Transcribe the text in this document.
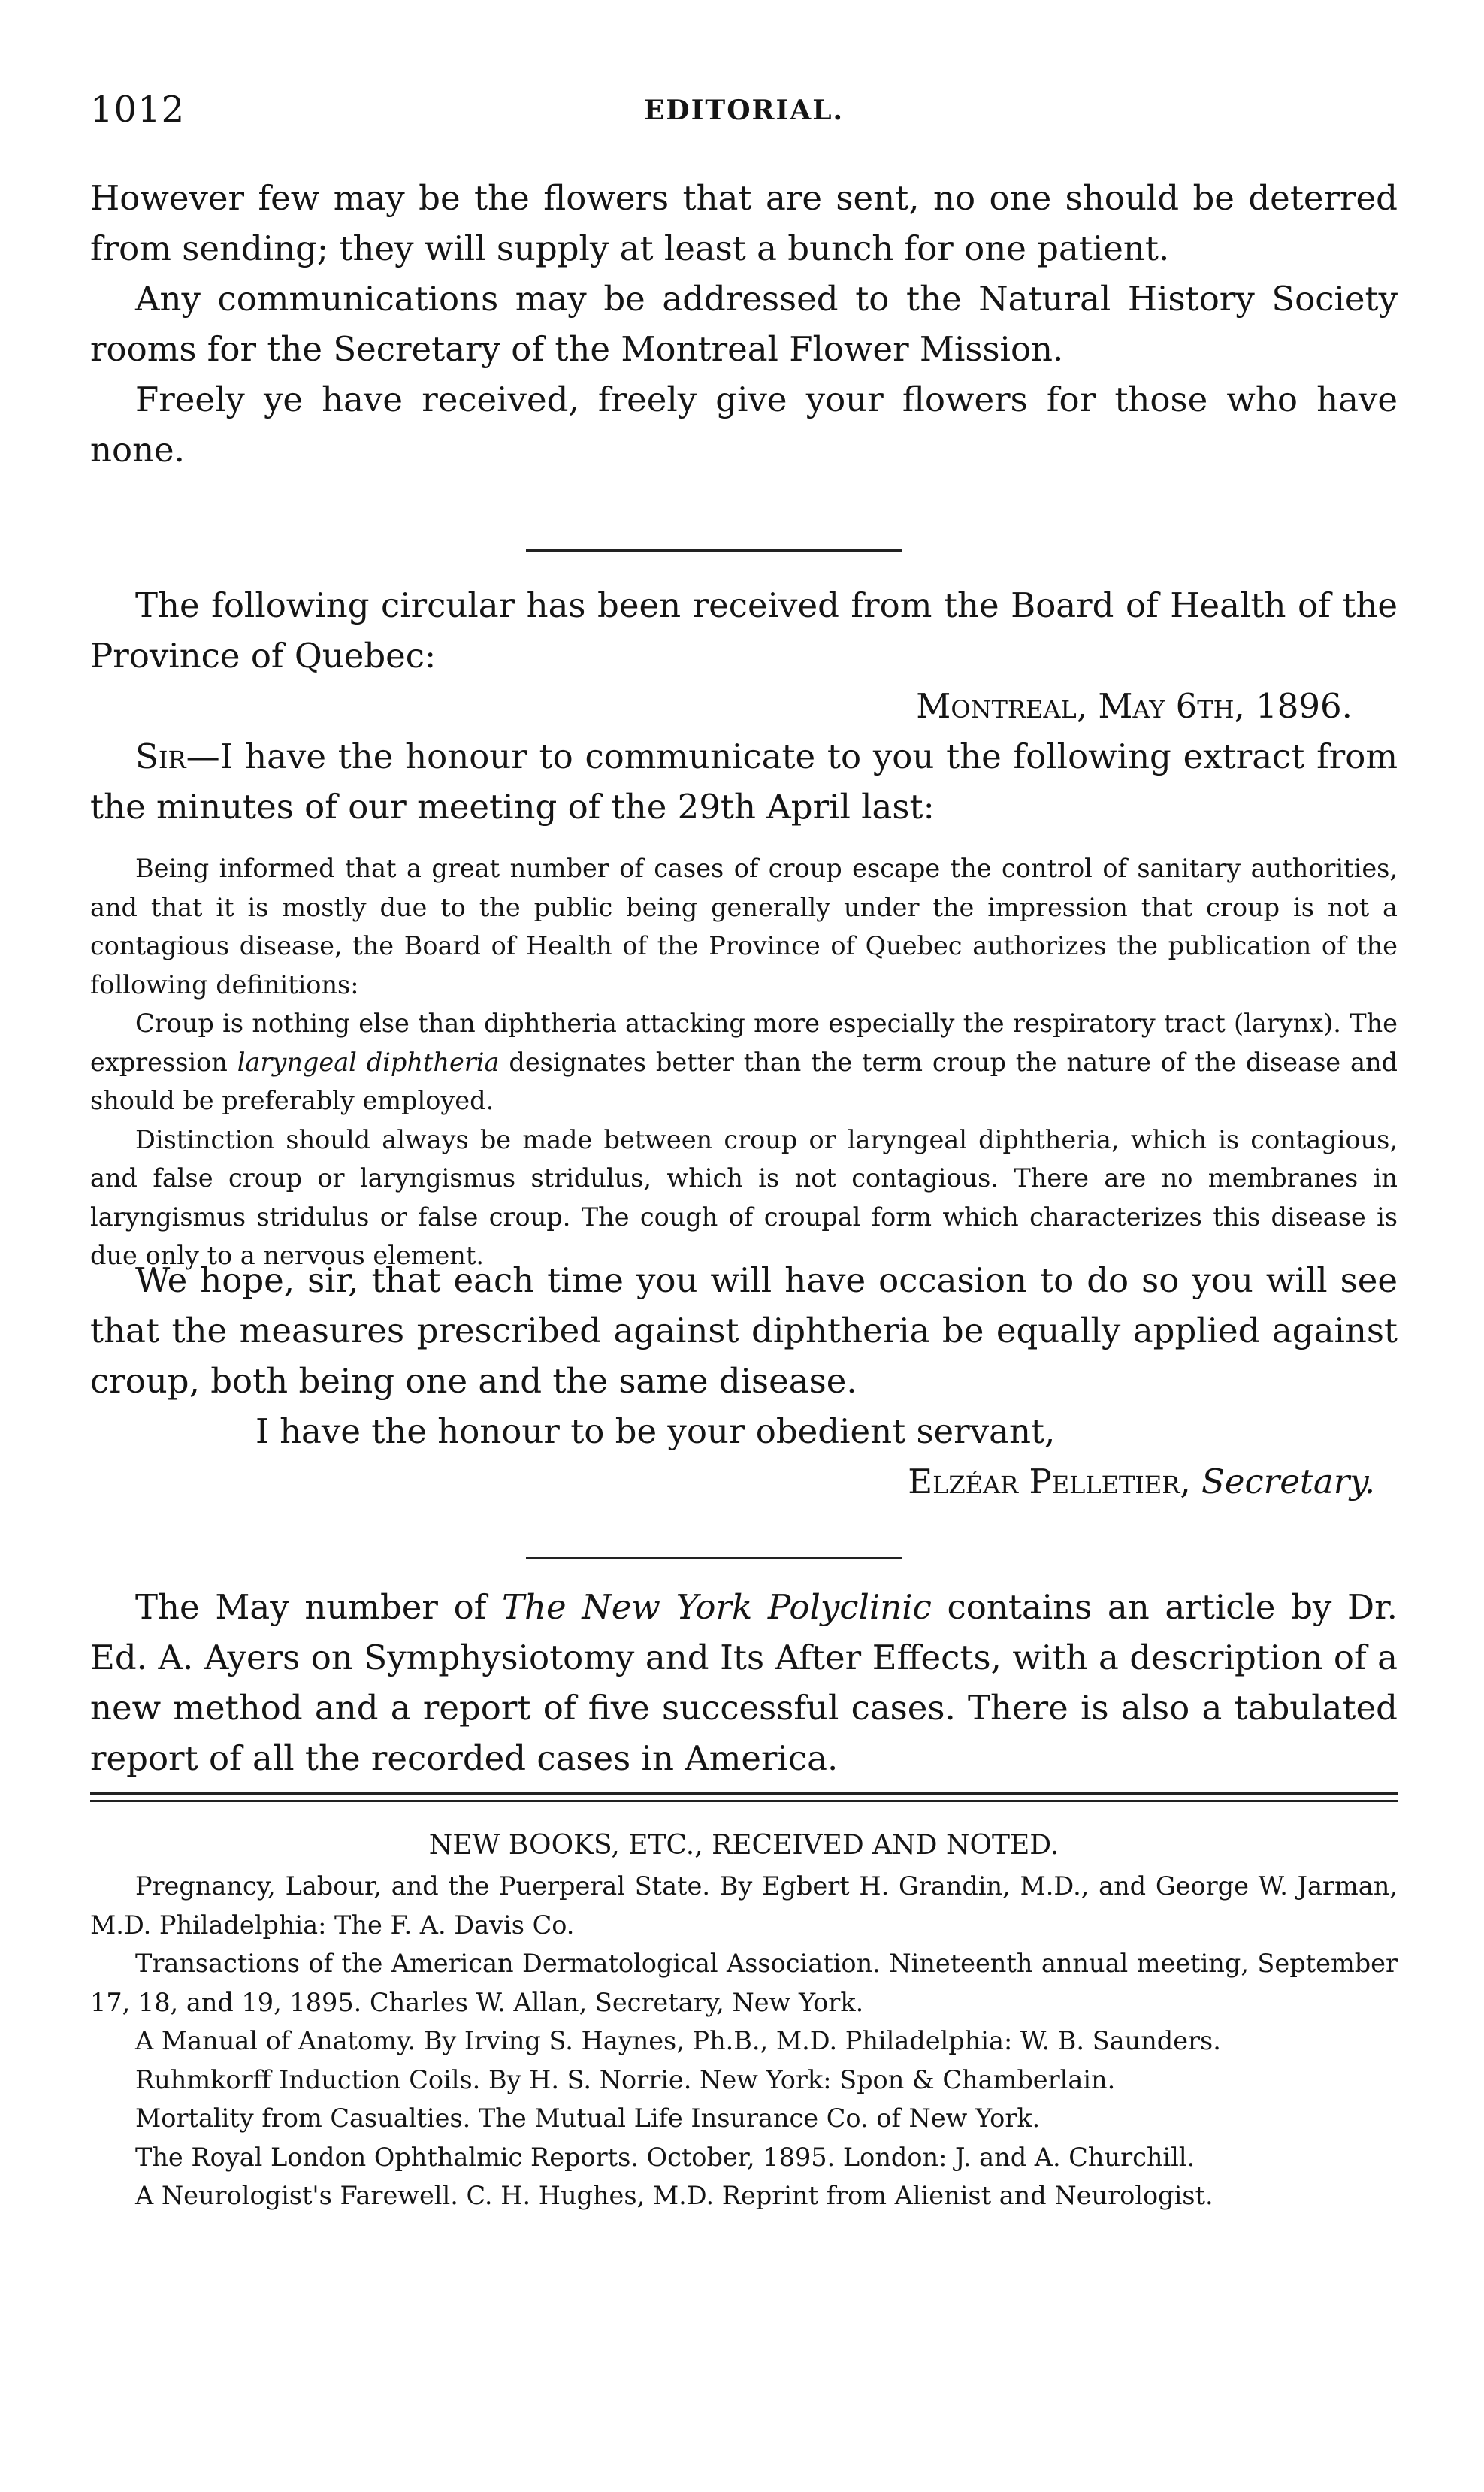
1012	EDITORIAL.

However few may be the flowers that are sent, no one should be deterred from sending; they will supply at least a bunch for one patient.

Any communications may be addressed to the Natural History Society rooms for the Secretary of the Montreal Flower Mission.

Freely ye have received, freely give your flowers for those who have none.

The following circular has been received from the Board of Health of the Province of Quebec:

Montreal, May 6th, 1896.

Sir—I have the honour to communicate to you the following extract from the minutes of our meeting of the 29th April last:

Being informed that a great number of cases of croup escape the control of sanitary authorities, and that it is mostly due to the public being generally under the impression that croup is not a contagious disease, the Board of Health of the Province of Quebec authorizes the publication of the following definitions:

Croup is nothing else than diphtheria attacking more especially the respiratory tract (larynx). The expression laryngeal diphtheria designates better than the term croup the nature of the disease and should be preferably employed.

Distinction should always be made between croup or laryngeal diphtheria, which is contagious, and false croup or laryngismus stridulus, which is not contagious. There are no membranes in laryngismus stridulus or false croup. The cough of croupal form which characterizes this disease is due only to a nervous element.

We hope, sir, that each time you will have occasion to do so you will see that the measures prescribed against diphtheria be equally applied against croup, both being one and the same disease.

I have the honour to be your obedient servant,

Elzéar Pelletier, Secretary.

The May number of The New York Polyclinic contains an article by Dr. Ed. A. Ayers on Symphysiotomy and Its After Effects, with a description of a new method and a report of five successful cases. There is also a tabulated report of all the recorded cases in America.

NEW BOOKS, ETC., RECEIVED AND NOTED.

Pregnancy, Labour, and the Puerperal State. By Egbert H. Grandin, M.D., and George W. Jarman, M.D. Philadelphia: The F. A. Davis Co.

Transactions of the American Dermatological Association. Nineteenth annual meeting, September 17, 18, and 19, 1895. Charles W. Allan, Secretary, New York.

A Manual of Anatomy. By Irving S. Haynes, Ph.B., M.D. Philadelphia: W. B. Saunders.

Ruhmkorff Induction Coils. By H. S. Norrie. New York: Spon & Chamberlain.

Mortality from Casualties. The Mutual Life Insurance Co. of New York.

The Royal London Ophthalmic Reports. October, 1895. London: J. and A. Churchill.

A Neurologist's Farewell. C. H. Hughes, M.D. Reprint from Alienist and Neurologist.
